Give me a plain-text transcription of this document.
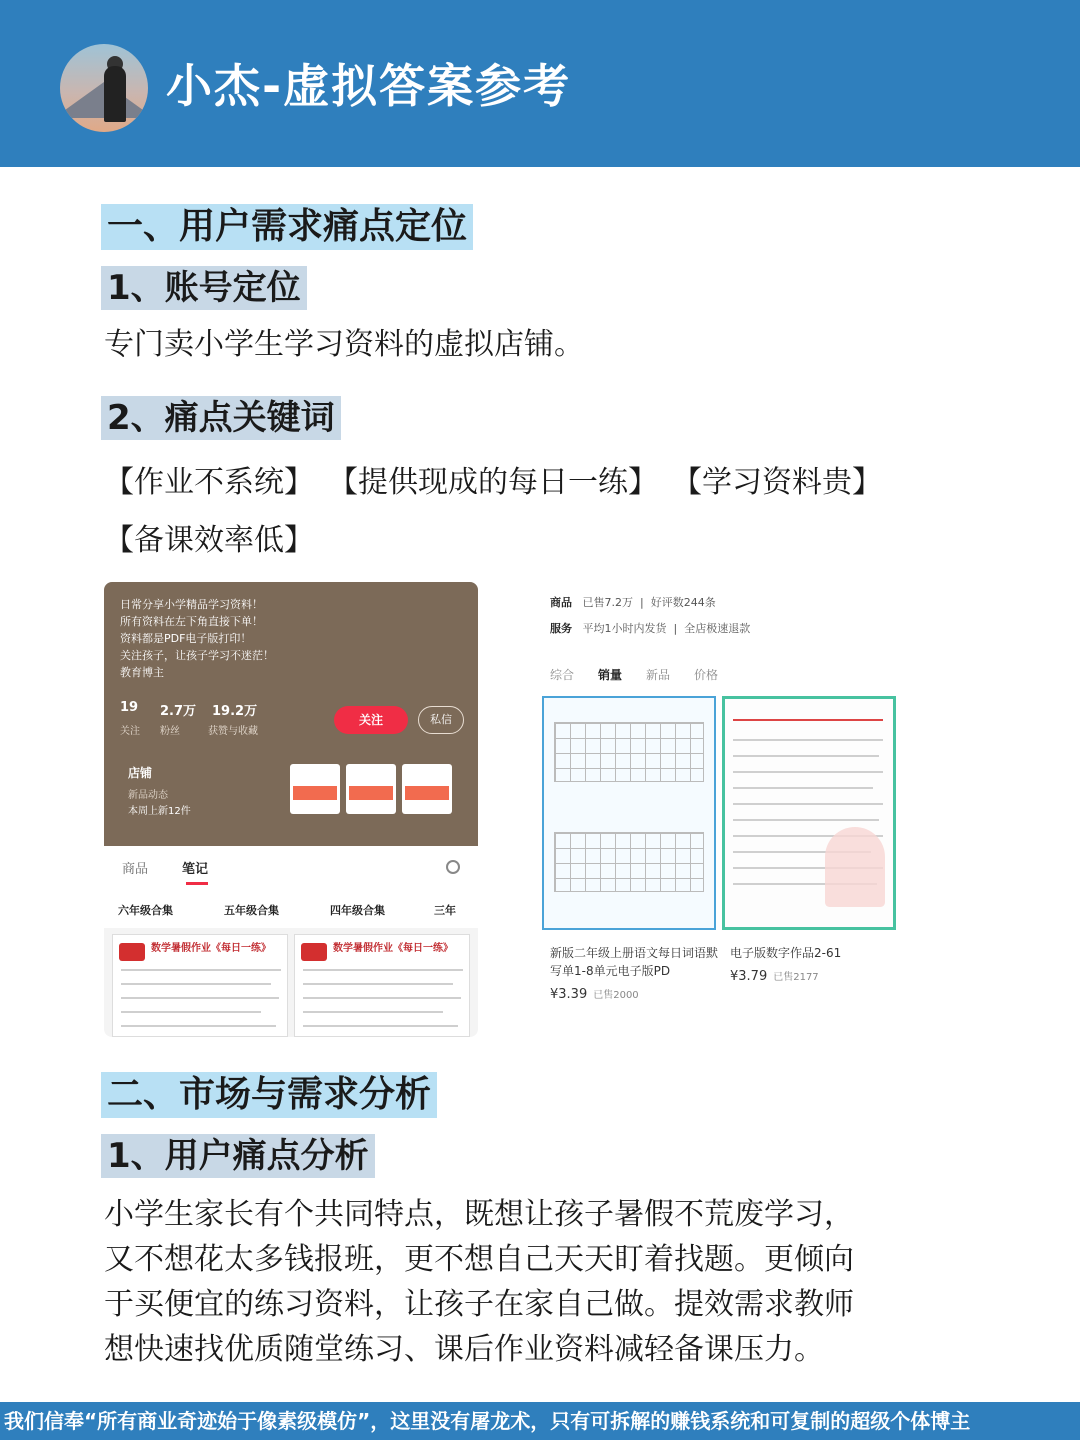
小杰-虚拟答案参考
一、用户需求痛点定位
1、账号定位
专门卖小学生学习资料的虚拟店铺。
2、痛点关键词
【作业不系统】 【提供现成的每日一练】 【学习资料贵】【备课效率低】
日常分享小学精品学习资料！
所有资料在左下角直接下单！
资料都是PDF电子版打印！
关注孩子，让孩子学习不迷茫！
教育博主
19
关注
2.7万
粉丝
19.2万
获赞与收藏
关注	私信
店铺
新品动态
本周上新12件
商品	笔记
六年级合集	五年级合集	四年级合集	三年
数学暑假作业《每日一练》	数学暑假作业《每日一练》
商品 已售7.2万  |  好评数244条
服务 平均1小时内发货  |  全店极速退款
综合 销量 新品 价格
新版二年级上册语文每日词语默写单1-8单元电子版PD
¥3.39 已售2000
电子版数字作品2-61
¥3.79 已售2177
二、市场与需求分析
1、用户痛点分析
小学生家长有个共同特点，既想让孩子暑假不荒废学习，
又不想花太多钱报班，更不想自己天天盯着找题。更倾向
于买便宜的练习资料，让孩子在家自己做。提效需求教师
想快速找优质随堂练习、课后作业资料减轻备课压力。
我们信奉“所有商业奇迹始于像素级模仿”，这里没有屠龙术，只有可拆解的赚钱系统和可复制的超级个体博主
